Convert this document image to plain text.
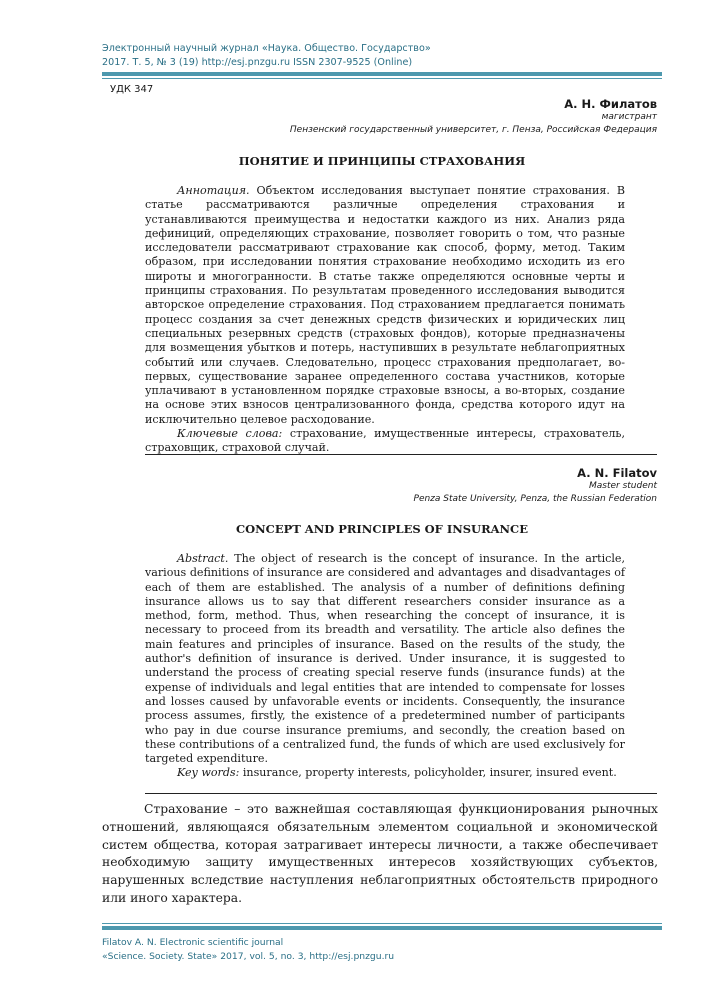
Электронный научный журнал «Наука. Общество. Государство»
2017. Т. 5, № 3 (19) http://esj.pnzgu.ru ISSN 2307-9525 (Online)
УДК 347
А. Н. Филатов
магистрант
Пензенский государственный университет, г. Пенза, Российская Федерация
ПОНЯТИЕ И ПРИНЦИПЫ СТРАХОВАНИЯ

Аннотация. Объектом исследования выступает понятие страхования. В статье рассматриваются различные определения страхования и устанавливаются преимущества и недостатки каждого из них. Анализ ряда дефиниций, определяющих страхование, позволяет говорить о том, что разные исследователи рассматривают страхование как способ, форму, метод. Таким образом, при исследовании понятия страхование необходимо исходить из его широты и многогранности. В статье также определяются основные черты и принципы страхования. По результатам проведенного исследования выводится авторское определение страхования. Под страхованием предлагается понимать процесс создания за счет денежных средств физических и юридических лиц специальных резервных средств (страховых фондов), которые предназначены для возмещения убытков и потерь, наступивших в результате неблагоприятных событий или случаев. Следовательно, процесс страхования предполагает, во-первых, существование заранее определенного состава участников, которые уплачивают в установленном порядке страховые взносы, а во-вторых, создание на основе этих взносов централизованного фонда, средства которого идут на исключительно целевое расходование.

Ключевые слова: страхование, имущественные интересы, страхователь, страховщик, страховой случай.

A. N. Filatov
Master student
Penza State University, Penza, the Russian Federation
CONCEPT AND PRINCIPLES OF INSURANCE

Abstract. The object of research is the concept of insurance. In the article, various definitions of insurance are considered and advantages and disadvantages of each of them are established. The analysis of a number of definitions defining insurance allows us to say that different researchers consider insurance as a method, form, method. Thus, when researching the concept of insurance, it is necessary to proceed from its breadth and versatility. The article also defines the main features and principles of insurance. Based on the results of the study, the author's definition of insurance is derived. Under insurance, it is suggested to understand the process of creating special reserve funds (insurance funds) at the expense of individuals and legal entities that are intended to compensate for losses and losses caused by unfavorable events or incidents. Consequently, the insurance process assumes, firstly, the existence of a predetermined number of participants who pay in due course insurance premiums, and secondly, the creation based on these contributions of a centralized fund, the funds of which are used exclusively for targeted expenditure.

Key words: insurance, property interests, policyholder, insurer, insured event.

Страхование – это важнейшая составляющая функционирования рыночных отношений, являющаяся обязательным элементом социальной и экономической систем общества, которая затрагивает интересы личности, а также обеспечивает необходимую защиту имущественных интересов хозяйствующих субъектов, нарушенных вследствие наступления неблагоприятных обстоятельств природного или иного характера.

Filatov A. N. Electronic scientific journal
«Science. Society. State» 2017, vol. 5, no. 3, http://esj.pnzgu.ru
